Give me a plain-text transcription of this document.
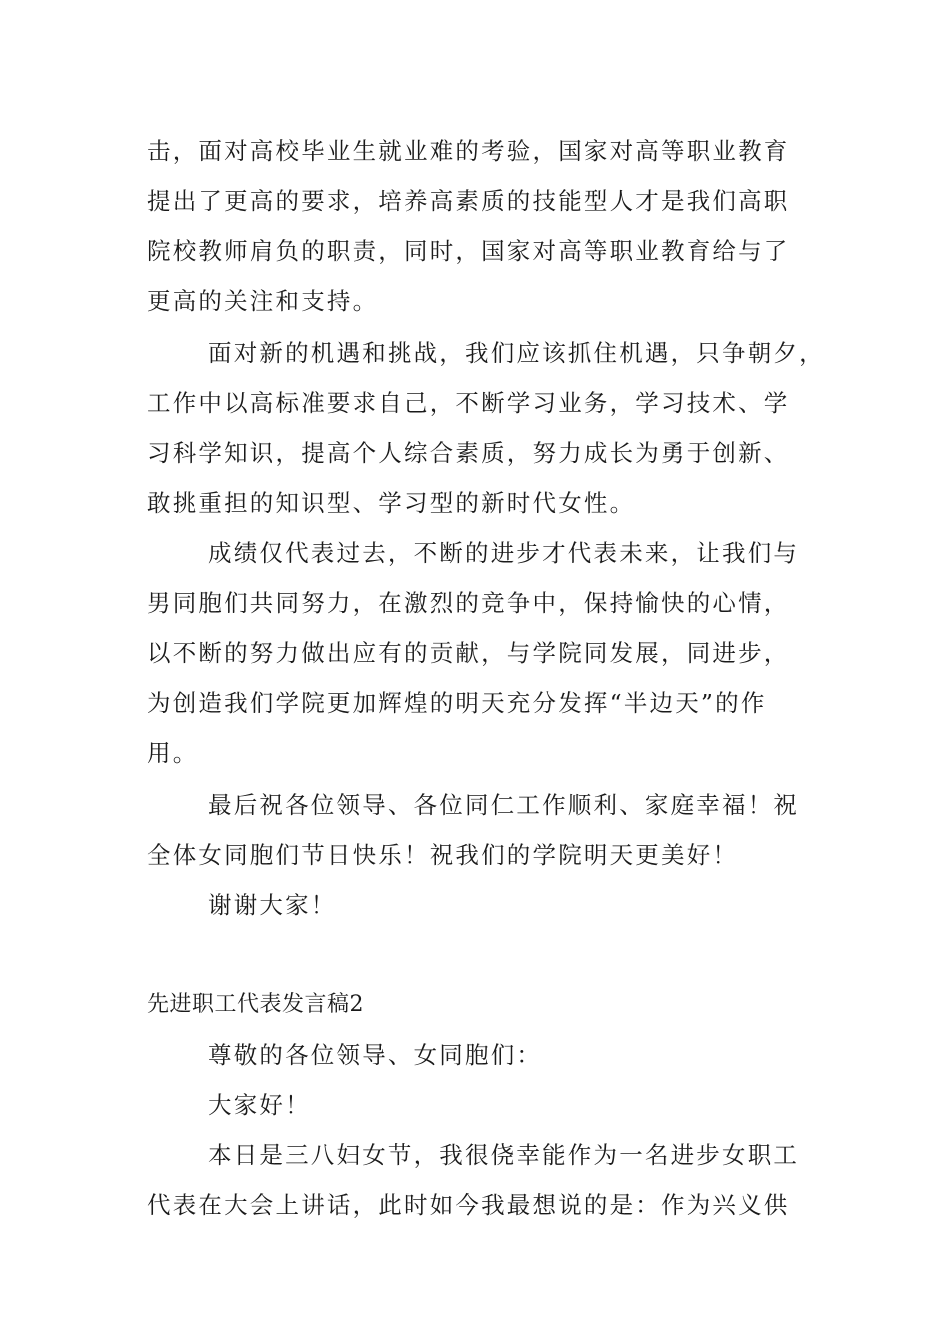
击，面对高校毕业生就业难的考验，国家对高等职业教育

提出了更高的要求，培养高素质的技能型人才是我们高职

院校教师肩负的职责，同时，国家对高等职业教育给与了

更高的关注和支持。

面对新的机遇和挑战，我们应该抓住机遇，只争朝夕，

工作中以高标准要求自己，不断学习业务，学习技术、学

习科学知识，提高个人综合素质，努力成长为勇于创新、

敢挑重担的知识型、学习型的新时代女性。

成绩仅代表过去，不断的进步才代表未来，让我们与

男同胞们共同努力，在激烈的竞争中，保持愉快的心情，

以不断的努力做出应有的贡献，与学院同发展，同进步，

为创造我们学院更加辉煌的明天充分发挥“半边天”的作

用。

最后祝各位领导、各位同仁工作顺利、家庭幸福！祝

全体女同胞们节日快乐！祝我们的学院明天更美好！

谢谢大家！

先进职工代表发言稿2

尊敬的各位领导、女同胞们：

大家好！

本日是三八妇女节，我很侥幸能作为一名进步女职工

代表在大会上讲话，此时如今我最想说的是：作为兴义供
